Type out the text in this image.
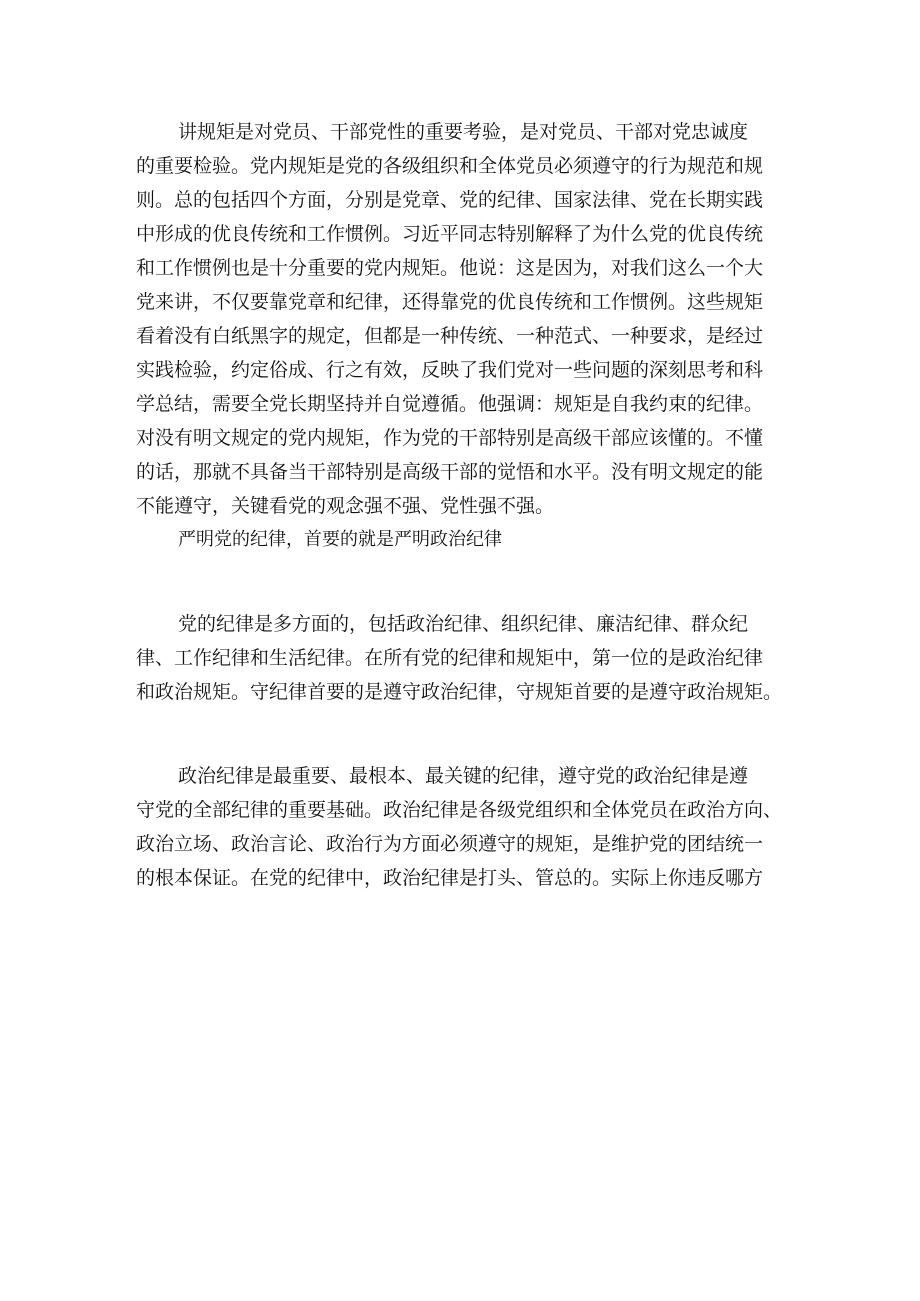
讲规矩是对党员、干部党性的重要考验，是对党员、干部对党忠诚度

的重要检验。党内规矩是党的各级组织和全体党员必须遵守的行为规范和规

则。总的包括四个方面，分别是党章、党的纪律、国家法律、党在长期实践

中形成的优良传统和工作惯例。习近平同志特别解释了为什么党的优良传统

和工作惯例也是十分重要的党内规矩。他说：这是因为，对我们这么一个大

党来讲，不仅要靠党章和纪律，还得靠党的优良传统和工作惯例。这些规矩

看着没有白纸黑字的规定，但都是一种传统、一种范式、一种要求，是经过

实践检验，约定俗成、行之有效，反映了我们党对一些问题的深刻思考和科

学总结，需要全党长期坚持并自觉遵循。他强调：规矩是自我约束的纪律。

对没有明文规定的党内规矩，作为党的干部特别是高级干部应该懂的。不懂

的话，那就不具备当干部特别是高级干部的觉悟和水平。没有明文规定的能

不能遵守，关键看党的观念强不强、党性强不强。

严明党的纪律，首要的就是严明政治纪律

党的纪律是多方面的，包括政治纪律、组织纪律、廉洁纪律、群众纪

律、工作纪律和生活纪律。在所有党的纪律和规矩中，第一位的是政治纪律

和政治规矩。守纪律首要的是遵守政治纪律，守规矩首要的是遵守政治规矩。

政治纪律是最重要、最根本、最关键的纪律，遵守党的政治纪律是遵

守党的全部纪律的重要基础。政治纪律是各级党组织和全体党员在政治方向、

政治立场、政治言论、政治行为方面必须遵守的规矩，是维护党的团结统一

的根本保证。在党的纪律中，政治纪律是打头、管总的。实际上你违反哪方
